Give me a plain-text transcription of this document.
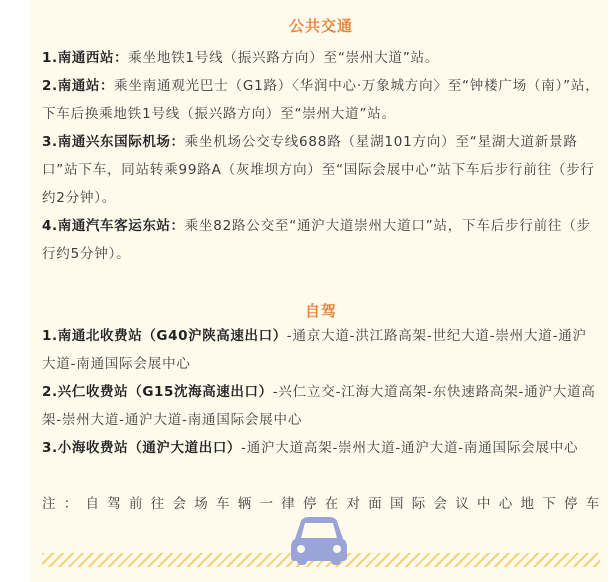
公共交通

1.南通西站：乘坐地铁1号线（振兴路方向）至“崇州大道”站。

2.南通站：乘坐南通观光巴士（G1路）〈华润中心·万象城方向〉至“钟楼广场（南）”站，下车后换乘地铁1号线（振兴路方向）至“崇州大道”站。

3.南通兴东国际机场：乘坐机场公交专线688路（星湖101方向）至“星湖大道新景路口”站下车，同站转乘99路A（灰堆坝方向）至“国际会展中心”站下车后步行前往（步行约2分钟）。

4.南通汽车客运东站：乘坐82路公交至“通沪大道崇州大道口”站，下车后步行前往（步行约5分钟）。

自驾

1.南通北收费站（G40沪陕高速出口）-通京大道-洪江路高架-世纪大道-崇州大道-通沪大道-南通国际会展中心

2.兴仁收费站（G15沈海高速出口）-兴仁立交-江海大道高架-东快速路高架-通沪大道高架-崇州大道-通沪大道-南通国际会展中心

3.小海收费站（通沪大道出口）-通沪大道高架-崇州大道-通沪大道-南通国际会展中心

注：自驾前往会场车辆一律停在对面国际会议中心地下停车
